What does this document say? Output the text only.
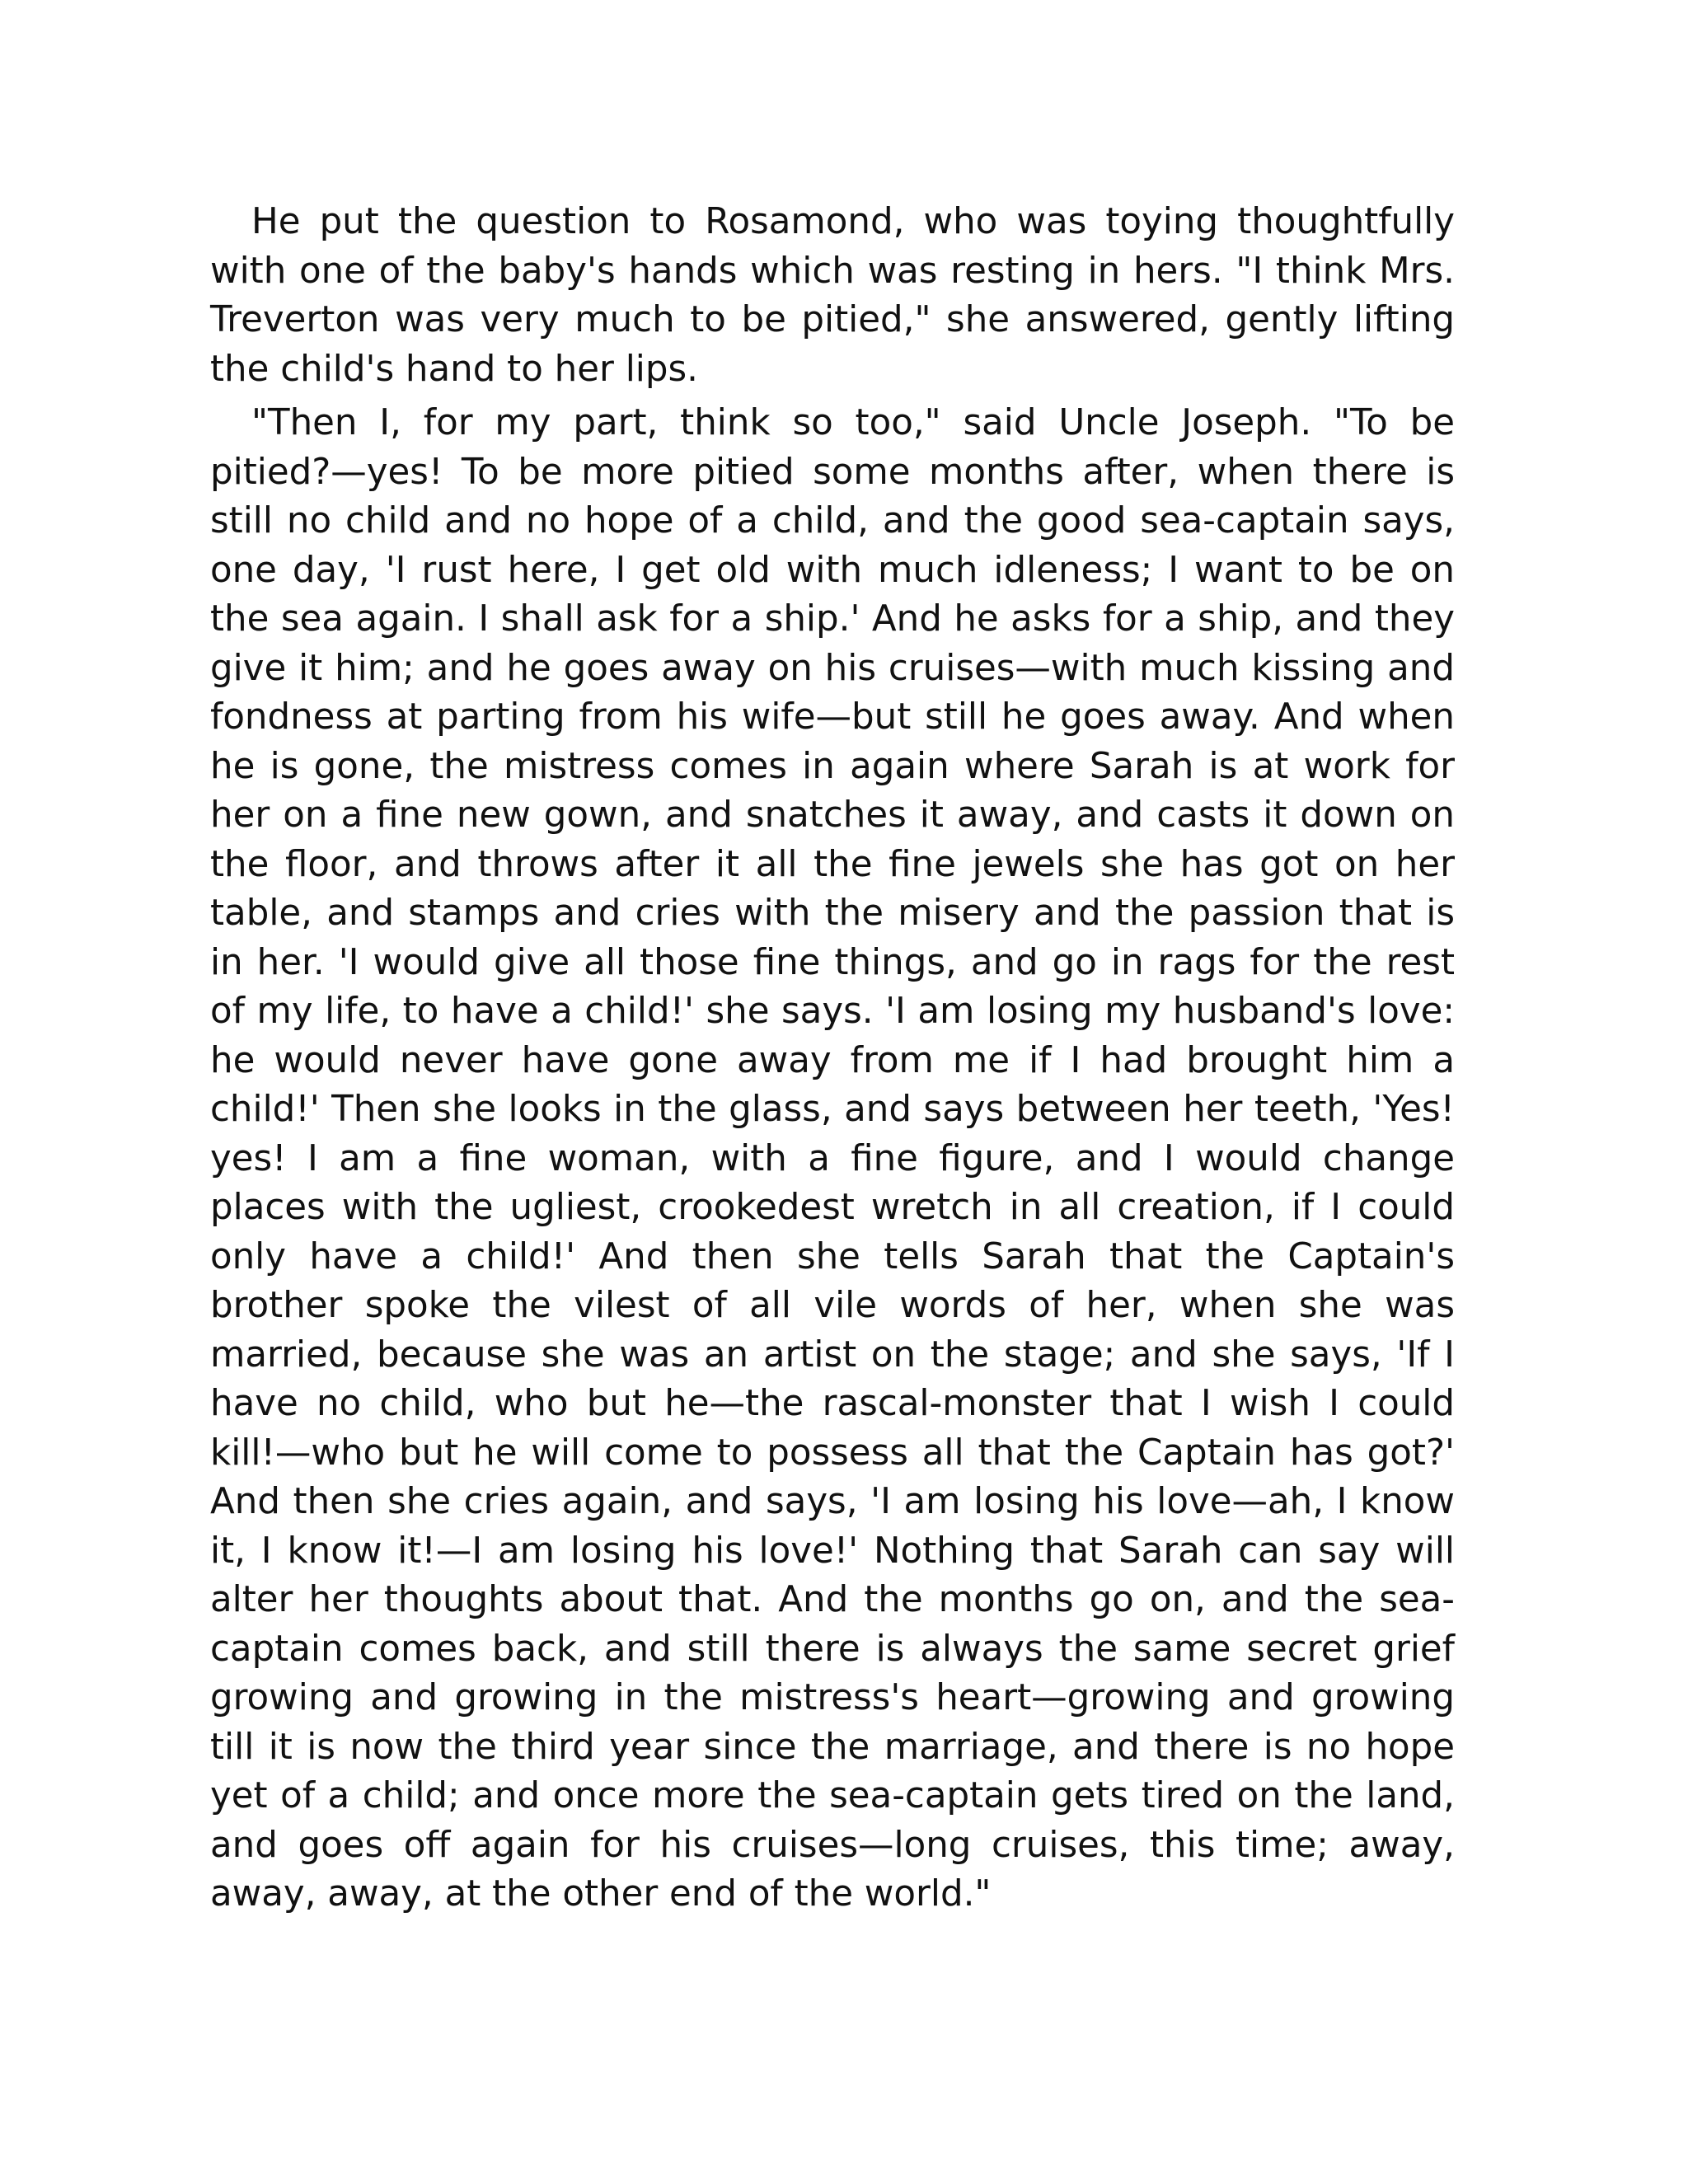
He put the question to Rosamond, who was toying thoughtfully with one of the baby's hands which was resting in hers. "I think Mrs. Treverton was very much to be pitied," she answered, gently lifting the child's hand to her lips.

"Then I, for my part, think so too," said Uncle Joseph. "To be pitied?—yes! To be more pitied some months after, when there is still no child and no hope of a child, and the good sea-captain says, one day, 'I rust here, I get old with much idleness; I want to be on the sea again. I shall ask for a ship.' And he asks for a ship, and they give it him; and he goes away on his cruises—with much kissing and fondness at parting from his wife—but still he goes away. And when he is gone, the mistress comes in again where Sarah is at work for her on a fine new gown, and snatches it away, and casts it down on the floor, and throws after it all the fine jewels she has got on her table, and stamps and cries with the misery and the passion that is in her. 'I would give all those fine things, and go in rags for the rest of my life, to have a child!' she says. 'I am losing my husband's love: he would never have gone away from me if I had brought him a child!' Then she looks in the glass, and says between her teeth, 'Yes! yes! I am a fine woman, with a fine figure, and I would change places with the ugliest, crookedest wretch in all creation, if I could only have a child!' And then she tells Sarah that the Captain's brother spoke the vilest of all vile words of her, when she was married, because she was an artist on the stage; and she says, 'If I have no child, who but he—the rascal-monster that I wish I could kill!—who but he will come to possess all that the Captain has got?' And then she cries again, and says, 'I am losing his love—ah, I know it, I know it!—I am losing his love!' Nothing that Sarah can say will alter her thoughts about that. And the months go on, and the sea-captain comes back, and still there is always the same secret grief growing and growing in the mistress's heart—growing and growing till it is now the third year since the marriage, and there is no hope yet of a child; and once more the sea-captain gets tired on the land, and goes off again for his cruises—long cruises, this time; away, away, away, at the other end of the world."
